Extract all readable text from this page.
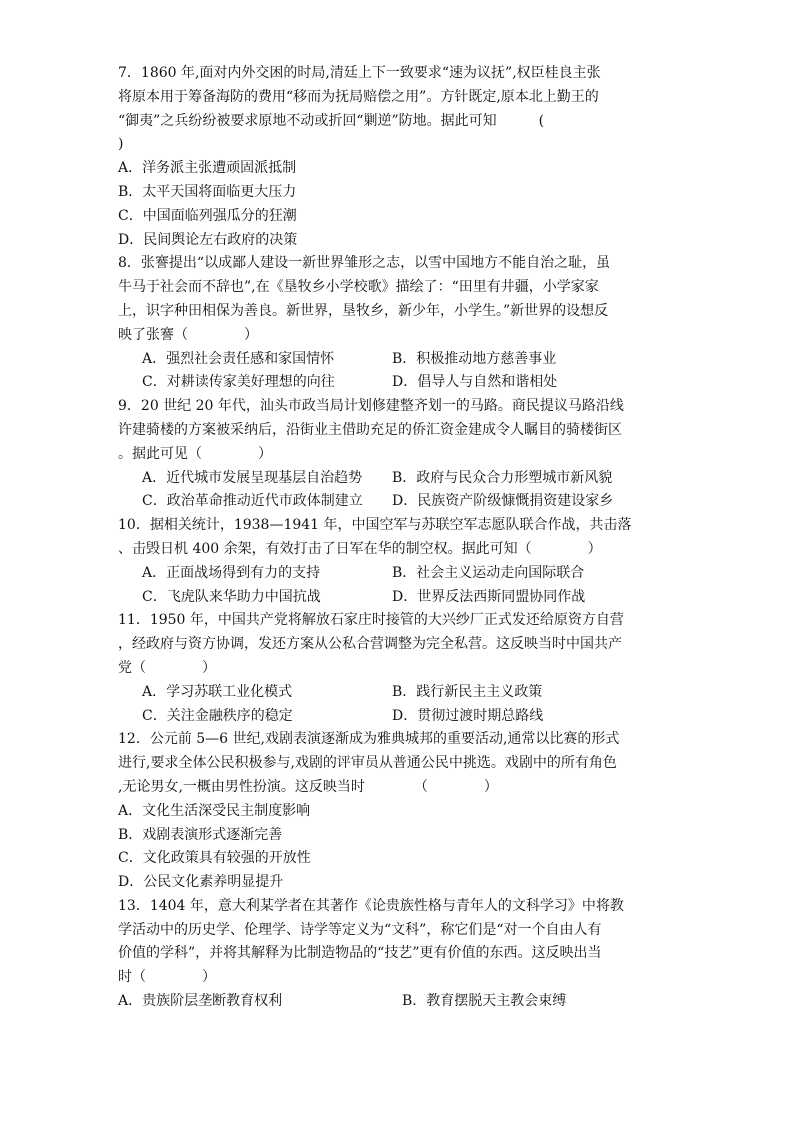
7．1860 年,面对内外交困的时局,清廷上下一致要求“速为议抚”,权臣桂良主张
将原本用于筹备海防的费用“移而为抚局赔偿之用”。方针既定,原本北上勤王的
“御夷”之兵纷纷被要求原地不动或折回“剿逆”防地。据此可知　　　(
)
A．洋务派主张遭顽固派抵制
B．太平天国将面临更大压力
C．中国面临列强瓜分的狂潮
D．民间舆论左右政府的决策
8．张謇提出“以成鄙人建设一新世界雏形之志，以雪中国地方不能自治之耻，虽
牛马于社会而不辞也”,在《垦牧乡小学校歌》描绘了：“田里有井疆，小学家家
上，识字种田相保为善良。新世界，垦牧乡，新少年，小学生。”新世界的设想反
映了张謇（　　　　）
A．强烈社会责任感和家国情怀	B．积极推动地方慈善事业
C．对耕读传家美好理想的向往	D．倡导人与自然和谐相处
9．20 世纪 20 年代，汕头市政当局计划修建整齐划一的马路。商民提议马路沿线
许建骑楼的方案被采纳后，沿街业主借助充足的侨汇资金建成令人瞩目的骑楼街区
。据此可见（　　　　）
A．近代城市发展呈现基层自治趋势	B．政府与民众合力形塑城市新风貌
C．政治革命推动近代市政体制建立	D．民族资产阶级慷慨捐资建设家乡
10．据相关统计，1938—1941 年，中国空军与苏联空军志愿队联合作战，共击落
、击毁日机 400 余架，有效打击了日军在华的制空权。据此可知（　　　　）
A．正面战场得到有力的支持	B．社会主义运动走向国际联合
C．飞虎队来华助力中国抗战	D．世界反法西斯同盟协同作战
11．1950 年，中国共产党将解放石家庄时接管的大兴纱厂正式发还给原资方自营
，经政府与资方协调，发还方案从公私合营调整为完全私营。这反映当时中国共产
党（　　　　）
A．学习苏联工业化模式	B．践行新民主主义政策
C．关注金融秩序的稳定	D．贯彻过渡时期总路线
12．公元前 5—6 世纪,戏剧表演逐渐成为雅典城邦的重要活动,通常以比赛的形式
进行,要求全体公民积极参与,戏剧的评审员从普通公民中挑选。戏剧中的所有角色
,无论男女,一概由男性扮演。这反映当时　　　　（　　　　）
A．文化生活深受民主制度影响
B．戏剧表演形式逐渐完善
C．文化政策具有较强的开放性
D．公民文化素养明显提升
13．1404 年，意大利某学者在其著作《论贵族性格与青年人的文科学习》中将教
学活动中的历史学、伦理学、诗学等定义为“文科”，称它们是“对一个自由人有
价值的学科”，并将其解释为比制造物品的“技艺”更有价值的东西。这反映出当
时（　　　　）
A．贵族阶层垄断教育权利	B．教育摆脱天主教会束缚
